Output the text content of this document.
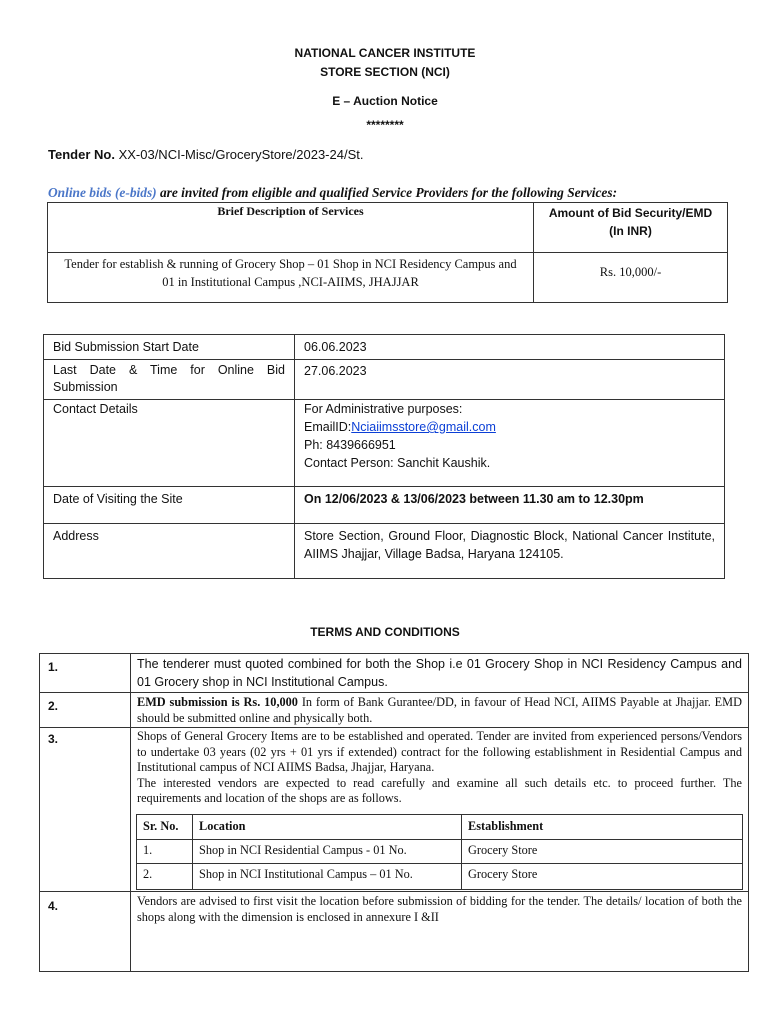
NATIONAL CANCER INSTITUTE
STORE SECTION (NCI)
E – Auction Notice
********
Tender No. XX-03/NCI-Misc/GroceryStore/2023-24/St.
Online bids (e-bids) are invited from eligible and qualified Service Providers for the following Services:
Brief Description of Services	Amount of Bid Security/EMD
(In INR)

Tender for establish & running of Grocery Shop – 01 Shop in NCI Residency Campus and 01 in Institutional Campus ,NCI-AIIMS, JHAJJAR	Rs. 10,000/-
Bid Submission Start Date	06.06.2023

Last Date & Time for Online Bid Submission	27.06.2023

Contact Details	For Administrative purposes:
EmailID:Nciaiimsstore@gmail.com
Ph: 8439666951
Contact Person: Sanchit Kaushik.

Date of Visiting the Site	On 12/06/2023 & 13/06/2023 between 11.30 am to 12.30pm

Address	Store Section, Ground Floor, Diagnostic Block, National Cancer Institute, AIIMS Jhajjar, Village Badsa, Haryana 124105.
TERMS AND CONDITIONS
1.	The tenderer must quoted combined for both the Shop i.e 01 Grocery Shop in NCI Residency Campus and 01 Grocery shop in NCI Institutional Campus.

2.	EMD submission is Rs. 10,000 In form of Bank Gurantee/DD, in favour of Head NCI, AIIMS Payable at Jhajjar. EMD should be submitted online and physically both.

3.	Shops of General Grocery Items are to be established and operated. Tender are invited from experienced persons/Vendors to undertake 03 years (02 yrs + 01 yrs if extended) contract for the following establishment in Residential Campus and Institutional campus of NCI AIIMS Badsa, Jhajjar, Haryana.
The interested vendors are expected to read carefully and examine all such details etc. to proceed further. The requirements and location of the shops are as follows.
Sr. No.	Location	Establishment

1.	Shop in NCI Residential Campus - 01 No.	Grocery Store

2.	Shop in NCI Institutional Campus – 01 No.	Grocery Store

4.	Vendors are advised to first visit the location before submission of bidding for the tender. The details/ location of both the shops along with the dimension is enclosed in annexure I &II
